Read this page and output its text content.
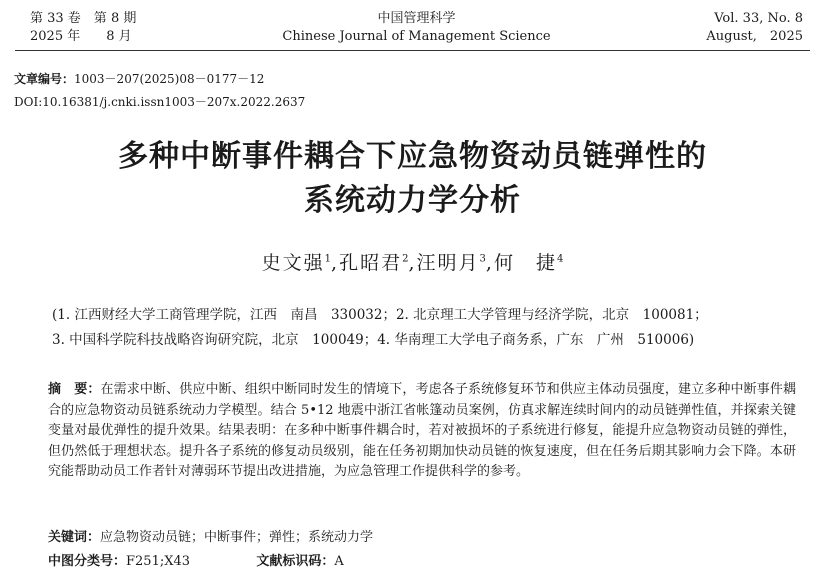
第 33 卷　第 8 期
2025 年　　8 月
中国管理科学
Chinese Journal of Management Science
Vol. 33, No. 8
August,　2025
文章编号：1003－207(2025)08－0177－12
DOI:10.16381/j.cnki.issn1003－207x.2022.2637
多种中断事件耦合下应急物资动员链弹性的
系统动力学分析
史文强$^1$,孔昭君$^2$,汪明月$^3$,何　捷$^4$
(1. 江西财经大学工商管理学院，江西　南昌　330032；2. 北京理工大学管理与经济学院，北京　100081；
3. 中国科学院科技战略咨询研究院，北京　100049；4. 华南理工大学电子商务系，广东　广州　510006)
摘　要：在需求中断、供应中断、组织中断同时发生的情境下，考虑各子系统修复环节和供应主体动员强度，建立多种中断事件耦合的应急物资动员链系统动力学模型。结合 5•12 地震中浙江省帐篷动员案例，仿真求解连续时间内的动员链弹性值，并探索关键变量对最优弹性的提升效果。结果表明：在多种中断事件耦合时，若对被损坏的子系统进行修复，能提升应急物资动员链的弹性，但仍然低于理想状态。提升各子系统的修复动员级别，能在任务初期加快动员链的恢复速度，但在任务后期其影响力会下降。本研究能帮助动员工作者针对薄弱环节提出改进措施，为应急管理工作提供科学的参考。
关键词：应急物资动员链；中断事件；弹性；系统动力学
中图分类号：F251;X43	文献标识码：A
